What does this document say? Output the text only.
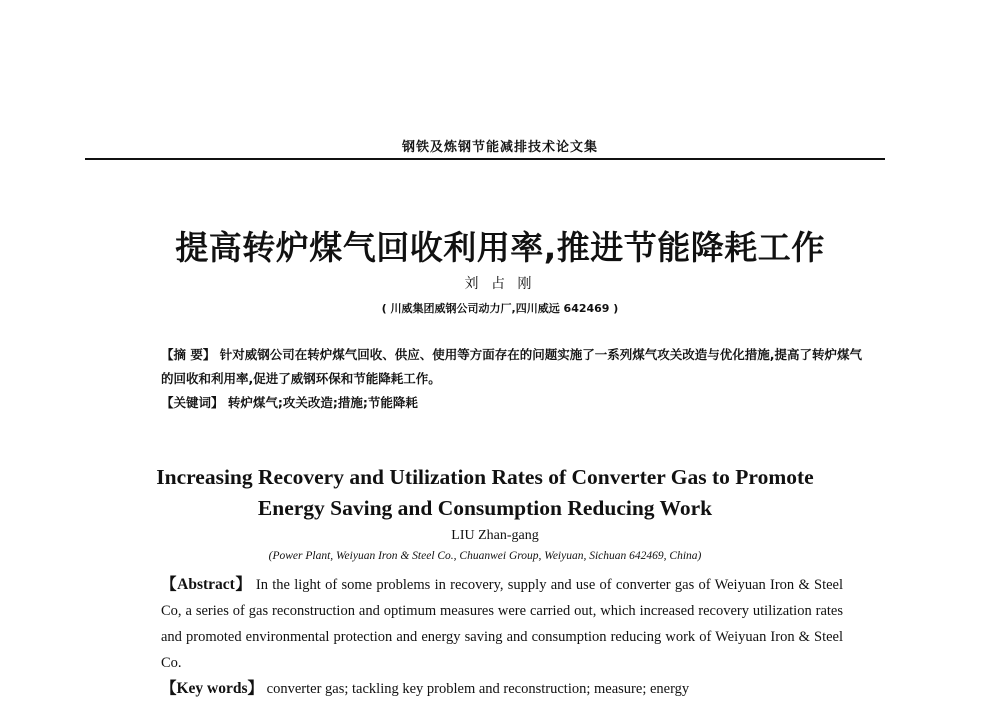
钢铁及炼钢节能减排技术论文集
提高转炉煤气回收利用率,推进节能降耗工作
刘 占 刚
( 川威集团威钢公司动力厂,四川威远 642469 )

【摘 要】 针对威钢公司在转炉煤气回收、供应、使用等方面存在的问题实施了一系列煤气攻关改造与优化措施,提高了转炉煤气的回收和利用率,促进了威钢环保和节能降耗工作。

【关键词】 转炉煤气;攻关改造;措施;节能降耗

Increasing Recovery and Utilization Rates of Converter Gas to Promote
Energy Saving and Consumption Reducing Work
LIU Zhan-gang
(Power Plant, Weiyuan Iron & Steel Co., Chuanwei Group, Weiyuan, Sichuan 642469, China)

【Abstract】 In the light of some problems in recovery, supply and use of converter gas of Weiyuan Iron & Steel Co, a series of gas reconstruction and optimum measures were carried out, which increased recovery utilization rates and promoted environmental protection and energy saving and consumption reducing work of Weiyuan Iron & Steel Co.

【Key words】 converter gas; tackling key problem and reconstruction; measure; energy
